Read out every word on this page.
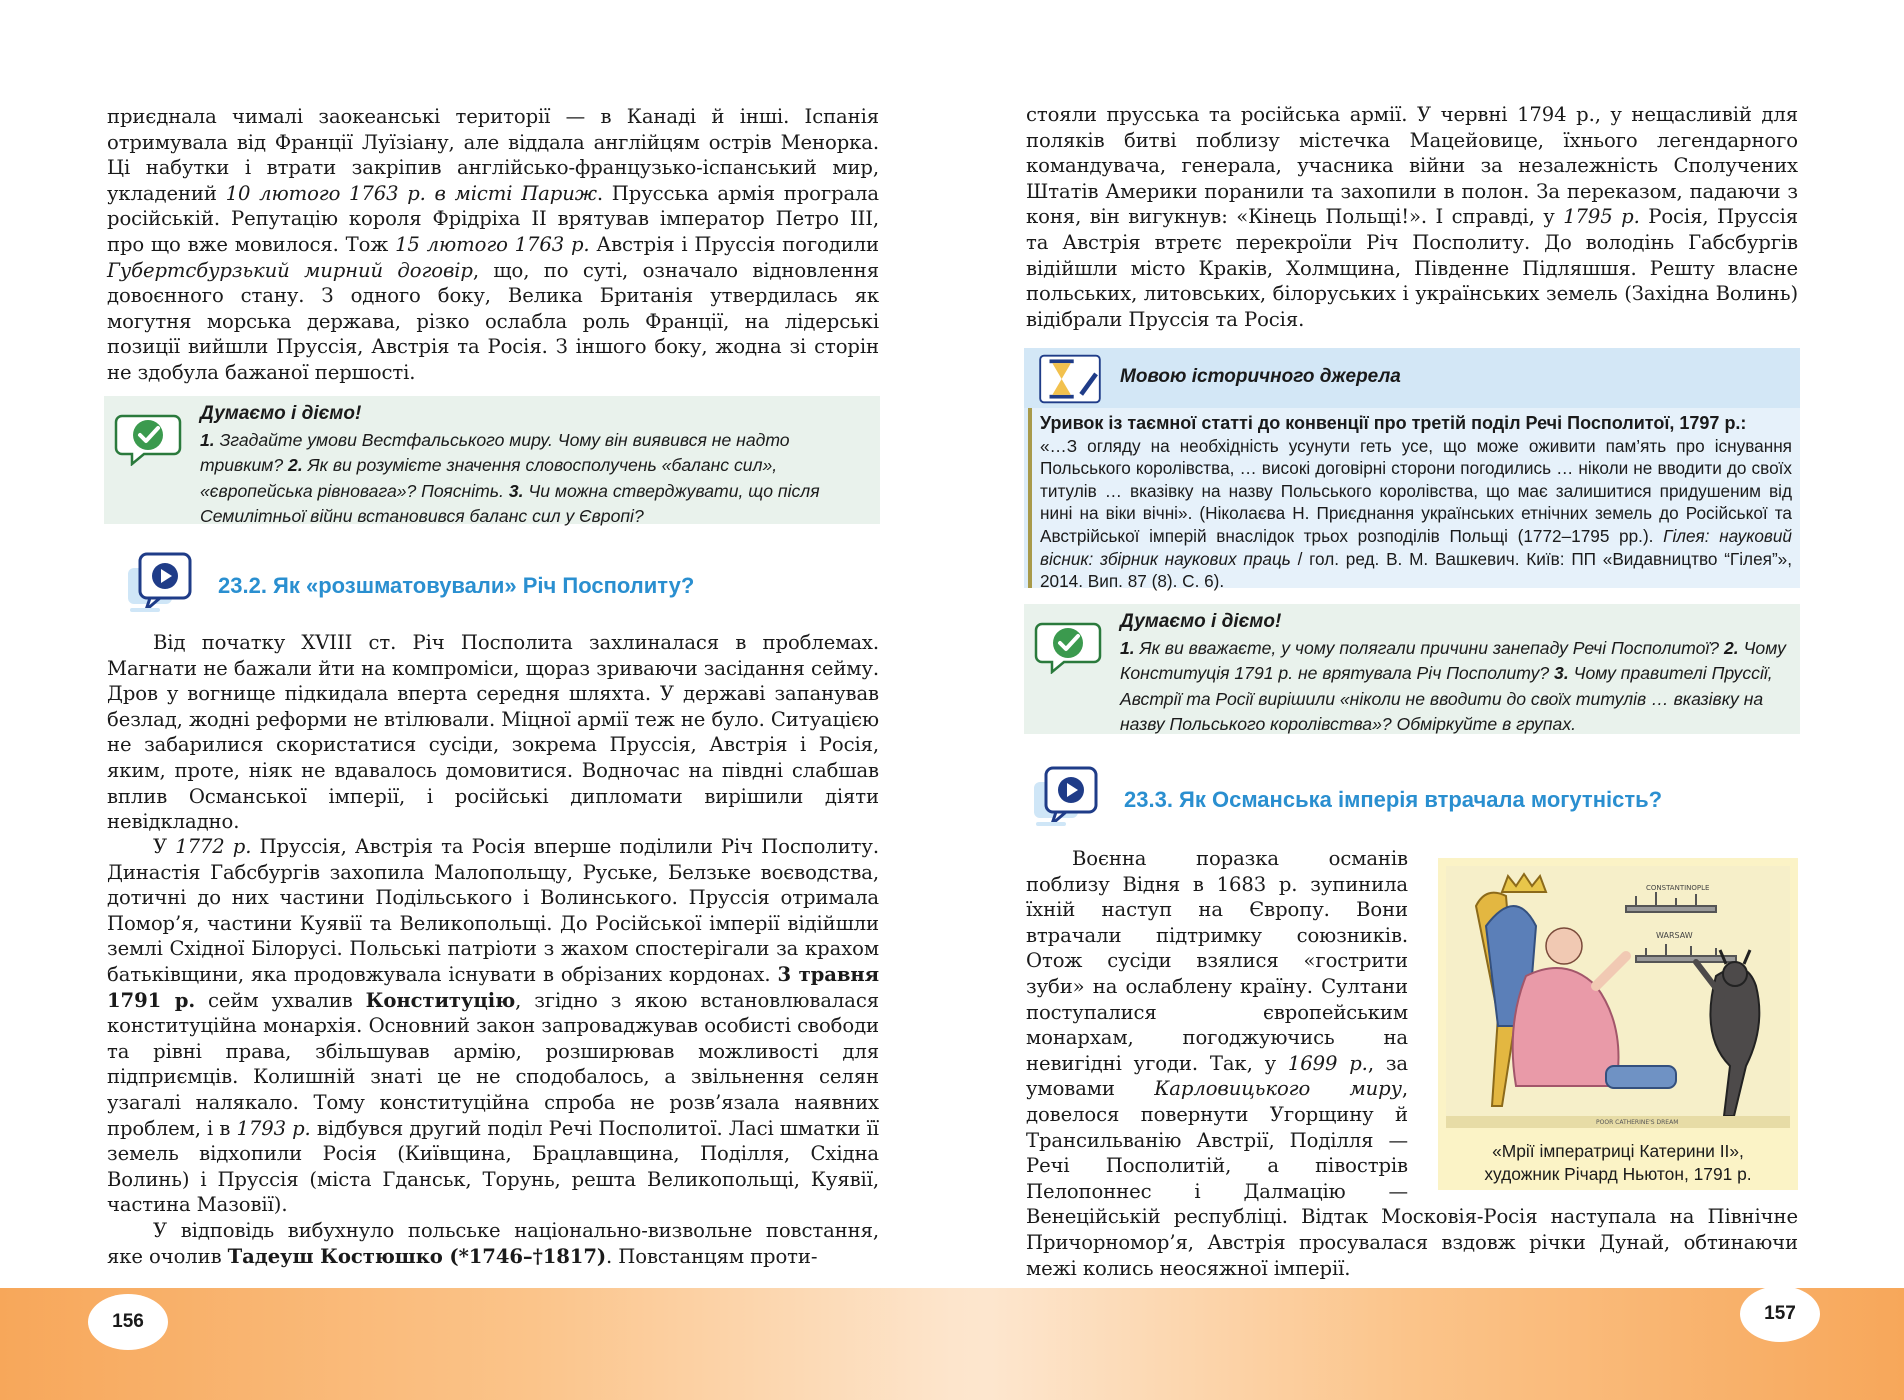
приєднала чималі заокеанські території — в Канаді й інші. Іспанія отримувала від Франції Луїзіану, але віддала англійцям острів Менорка. Ці набутки і втрати закріпив англійсько-французько-іспанський мир, укладений 10 лютого 1763 р. в місті Париж. Прусська армія програла російській. Репутацію короля Фрідріха II врятував імператор Петро III, про що вже мовилося. Тож 15 лютого 1763 р. Австрія і Пруссія погодили Губертсбурзький мирний договір, що, по суті, означало відновлення довоєнного стану. З одного боку, Велика Британія утвердилась як могутня морська держава, різко ослабла роль Франції, на лідерські позиції вийшли Пруссія, Австрія та Росія. З іншого боку, жодна зі сторін не здобула бажаної першості.
Думаємо і діємо!
1. Згадайте умови Вестфальського миру. Чому він виявився не надто тривким? 2. Як ви розумієте значення словосполучень «баланс сил», «європейська рівновага»? Поясніть. 3. Чи можна стверджувати, що після Семилітньої війни встановився баланс сил у Європі?
23.2. Як «розшматовували» Річ Посполиту?
Від початку XVIII ст. Річ Посполита захлиналася в проблемах. Магнати не бажали йти на компроміси, щораз зриваючи засідання сейму. Дров у вогнище підкидала вперта середня шляхта. У державі запанував безлад, жодні реформи не втілювали. Міцної армії теж не було. Ситуацією не забарилися скористатися сусіди, зокрема Пруссія, Австрія і Росія, яким, проте, ніяк не вдавалось домовитися. Водночас на півдні слабшав вплив Османської імперії, і російські дипломати вирішили діяти невідкладно.
У 1772 р. Пруссія, Австрія та Росія вперше поділили Річ Посполиту. Династія Габсбургів захопила Малопольщу, Руське, Белзьке воєводства, дотичні до них частини Подільського і Волинського. Пруссія отримала Помор’я, частини Куявії та Великопольщі. До Російської імперії відійшли землі Східної Білорусі. Польські патріоти з жахом спостерігали за крахом батьківщини, яка продовжувала існувати в обрізаних кордонах. 3 травня 1791 р. сейм ухвалив Конституцію, згідно з якою встановлювалася конституційна монархія. Основний закон запроваджував особисті свободи та рівні права, збільшував армію, розширював можливості для підприємців. Колишній знаті це не сподобалось, а звільнення селян узагалі налякало. Тому конституційна спроба не розв’язала наявних проблем, і в 1793 р. відбувся другий поділ Речі Посполитої. Ласі шматки її земель відхопили Росія (Київщина, Брацлавщина, Поділля, Східна Волинь) і Пруссія (міста Гданськ, Торунь, решта Великопольщі, Куявії, частина Мазовії).
У відповідь вибухнуло польське національно-визвольне повстання, яке очолив Тадеуш Костюшко (*1746–†1817). Повстанцям проти-
стояли прусська та російська армії. У червні 1794 р., у нещасливій для поляків битві поблизу містечка Мацейовице, їхнього легендарного командувача, генерала, учасника війни за незалежність Сполучених Штатів Америки поранили та захопили в полон. За переказом, падаючи з коня, він вигукнув: «Кінець Польщі!». І справді, у 1795 р. Росія, Пруссія та Австрія втретє перекроїли Річ Посполиту. До володінь Габсбургів відійшли місто Краків, Холмщина, Південне Підляшшя. Решту власне польських, литовських, білоруських і українських земель (Західна Волинь) відібрали Пруссія та Росія.
Мовою історичного джерела
Уривок із таємної статті до конвенції про третій поділ Речі Посполитої, 1797 р.:
«…З огляду на необхідність усунути геть усе, що може оживити пам’ять про існування Польського королівства, … високі договірні сторони погодились … ніколи не вводити до своїх титулів … вказівку на назву Польського королівства, що має залишитися придушеним від нині на віки вічні». (Ніколаєва Н. Приєднання українських етнічних земель до Російської та Австрійської імперій внаслідок трьох розподілів Польщі (1772–1795 рр.). Гілея: науковий вісник: збірник наукових праць / гол. ред. В. М. Вашкевич. Київ: ПП «Видавництво “Гілея”», 2014. Вип. 87 (8). С. 6).
Думаємо і діємо!
1. Як ви вважаєте, у чому полягали причини занепаду Речі Посполитої? 2. Чому Конституція 1791 р. не врятувала Річ Посполиту? 3. Чому правителі Пруссії, Австрії та Росії вирішили «ніколи не вводити до своїх титулів … вказівку на назву Польського королівства»? Обміркуйте в групах.
23.3. Як Османська імперія втрачала могутність?
CONSTANTINOPLE
WARSAW
POOR CATHERINE'S DREAM
«Мрії імператриці Катерини ІІ»,
художник Річард Ньютон, 1791 р.
Воєнна поразка османів поблизу Відня в 1683 р. зупинила їхній наступ на Європу. Вони втрачали підтримку союзників. Отож сусіди взялися «гострити зуби» на ослаблену країну. Султани поступалися європейським монархам, погоджуючись на невигідні угоди. Так, у 1699 р., за умовами Карловицького миру, довелося повернути Угорщину й Трансильванію Австрії, Поділля — Речі Посполитій, а півострів Пелопоннес і Далмацію — Венеційській республіці. Відтак Московія-Росія наступала на Північне Причорномор’я, Австрія просувалася вздовж річки Дунай, обтинаючи межі колись неосяжної імперії.
156	157
